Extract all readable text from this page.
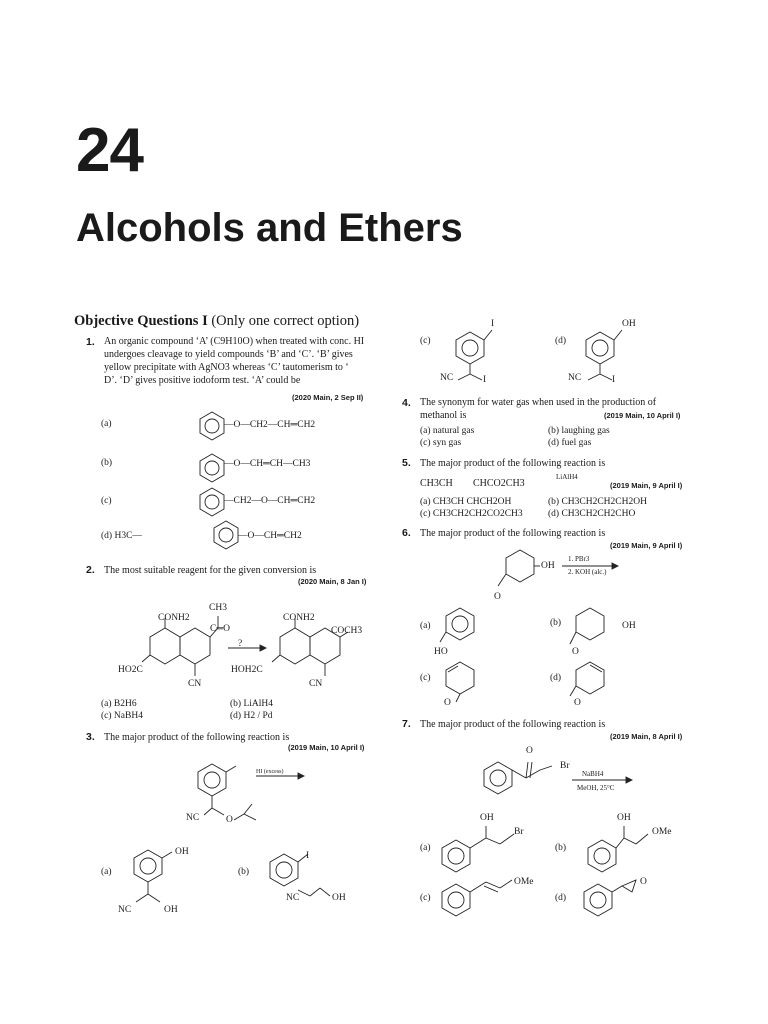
24
Alcohols and Ethers
Objective Questions I (Only one correct option)
1. An organic compound ‘A’ (C9H10O) when treated with conc. HI
undergoes cleavage to yield compounds ‘B’ and ‘C’. ‘B’ gives
yellow precipitate with AgNO3 whereas ‘C’ tautomerism to ‘
D’. ‘D’ gives positive iodoform test. ‘A’ could be
(2020 Main, 2 Sep II)
(a)	—O—CH2—CH═CH2
(b)	—O—CH═CH—CH3
(c)	—CH2—O—CH═CH2
(d) H3C—	—O—CH═CH2
2. The most suitable reagent for the given conversion is
(2020 Main, 8 Jan I)
CONH2
CH3
C═O
HO2C
CN
?
CONH2
COCH3
HOH2C
CN
(a) B2H6	(b) LiAlH4
(c) NaBH4	(d) H2 / Pd
3. The major product of the following reaction is
(2019 Main, 10 April I)
HI (excess)
NC	O
(a)
OH
NC	OH
(b)
I
NC	OH
(c)
I
NC	I
(d)
OH
NC	I
4. The synonym for water gas when used in the production of
methanol is	(2019 Main, 10 April I)
(a) natural gas	(b) laughing gas
(c) syn gas	(d) fuel gas
5. The major product of the following reaction is
LiAlH4
CH3CH CHCO2CH3	(2019 Main, 9 April I)
(a) CH3CH CHCH2OH	(b) CH3CH2CH2CH2OH
(c) CH3CH2CH2CO2CH3	(d) CH3CH2CH2CHO
6. The major product of the following reaction is
(2019 Main, 9 April I)
1. PBr3
2. KOH (alc.)
OH
O
(a)
HO
(b)	OH
O
(c)
O
(d)
O
7. The major product of the following reaction is
(2019 Main, 8 April I)
O
Br
NaBH4
MeOH, 25°C
(a)
OH
Br
(b)
OH
OMe
(c)
OMe
(d)
O
